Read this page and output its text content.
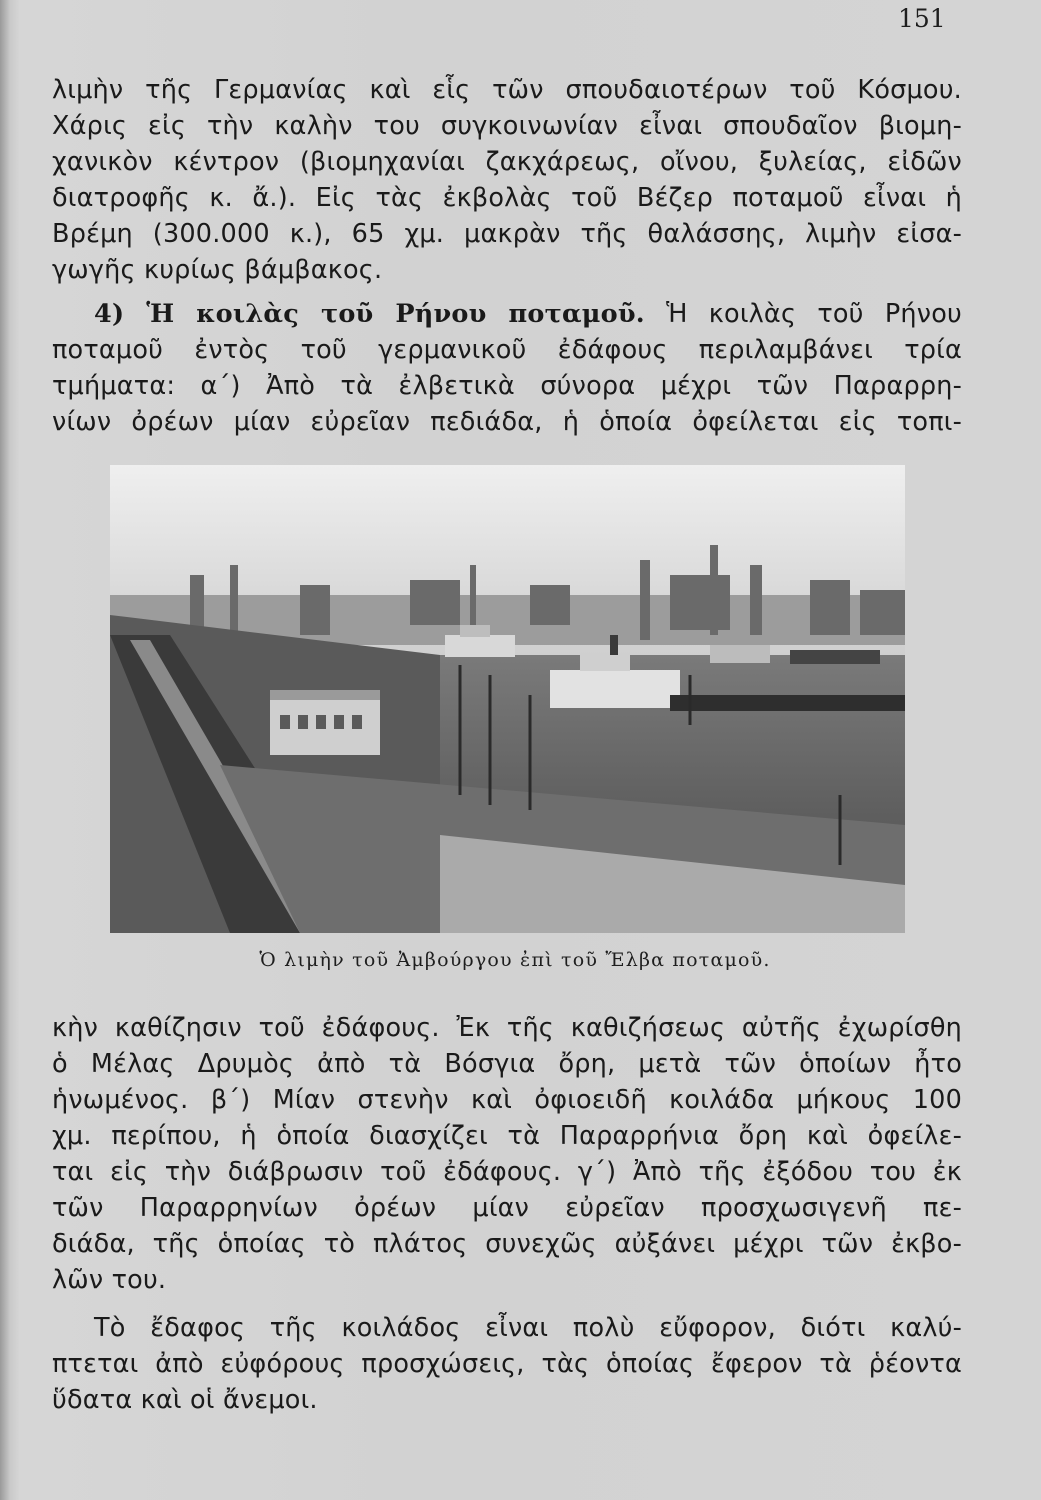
151
λιμὴν τῆς Γερμανίας καὶ εἷς τῶν σπουδαιοτέρων τοῦ Κόσμου.
Χάρις εἰς τὴν καλὴν του συγκοινωνίαν εἶναι σπουδαῖον βιομη-
χανικὸν κέντρον (βιομηχανίαι ζακχάρεως, οἴνου, ξυλείας, εἰδῶν
διατροφῆς κ. ἄ.). Εἰς τὰς ἐκβολὰς τοῦ Βέζερ ποταμοῦ εἶναι ἡ
Βρέμη (300.000 κ.), 65 χμ. μακρὰν τῆς θαλάσσης, λιμὴν εἰσα-
γωγῆς κυρίως βάμβακος.
4) Ἡ κοιλὰς τοῦ Ρήνου ποταμοῦ. Ἡ κοιλὰς τοῦ Ρήνου
ποταμοῦ ἐντὸς τοῦ γερμανικοῦ ἐδάφους περιλαμβάνει τρία
τμήματα: α΄) Ἀπὸ τὰ ἐλβετικὰ σύνορα μέχρι τῶν Παραρρη-
νίων ὀρέων μίαν εὐρεῖαν πεδιάδα, ἡ ὁποία ὀφείλεται εἰς τοπι-
Ὁ λιμὴν τοῦ Ἀμβούργου ἐπὶ τοῦ Ἔλβα ποταμοῦ.
κὴν καθίζησιν τοῦ ἐδάφους. Ἐκ τῆς καθιζήσεως αὐτῆς ἐχωρίσθη
ὁ Μέλας Δρυμὸς ἀπὸ τὰ Βόσγια ὄρη, μετὰ τῶν ὁποίων ἦτο
ἡνωμένος. β΄) Μίαν στενὴν καὶ ὀφιοειδῆ κοιλάδα μήκους 100
χμ. περίπου, ἡ ὁποία διασχίζει τὰ Παραρρήνια ὄρη καὶ ὀφείλε-
ται εἰς τὴν διάβρωσιν τοῦ ἐδάφους. γ΄) Ἀπὸ τῆς ἐξόδου του ἐκ
τῶν Παραρρηνίων ὀρέων μίαν εὐρεῖαν προσχωσιγενῆ πε-
διάδα, τῆς ὁποίας τὸ πλάτος συνεχῶς αὐξάνει μέχρι τῶν ἐκβο-
λῶν του.
Τὸ ἔδαφος τῆς κοιλάδος εἶναι πολὺ εὔφορον, διότι καλύ-
πτεται ἀπὸ εὐφόρους προσχώσεις, τὰς ὁποίας ἔφερον τὰ ῥέοντα
ὕδατα καὶ οἱ ἄνεμοι.
